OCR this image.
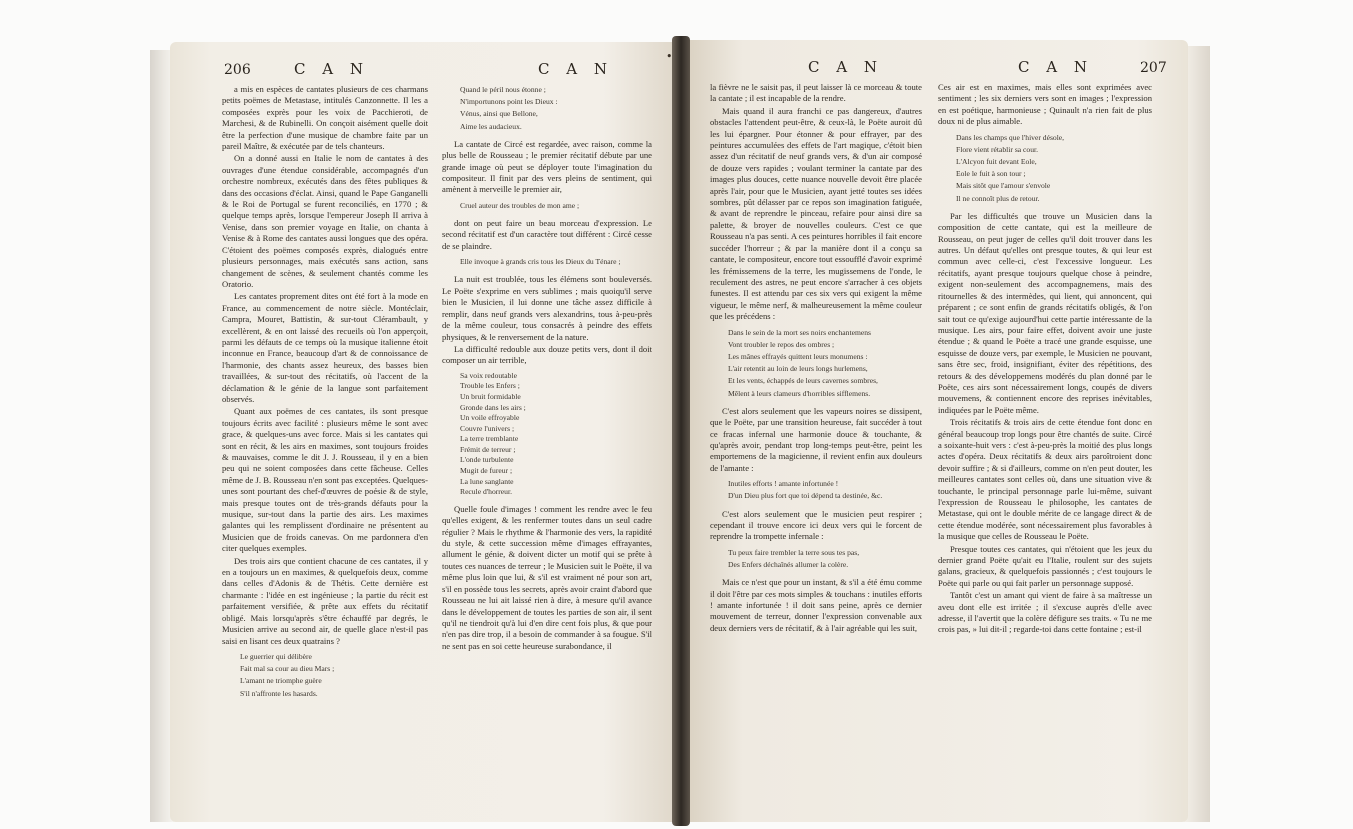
•
206	C A N	C A N

a mis en espèces de cantates plusieurs de ces charmans petits poëmes de Metastase, intitulés Canzonnette. Il les a composées exprès pour les voix de Pacchieroti, de Marchesi, & de Rubinelli. On conçoit aisément quelle doit être la perfection d'une musique de chambre faite par un pareil Maître, & exécutée par de tels chanteurs.

On a donné aussi en Italie le nom de cantates à des ouvrages d'une étendue considérable, accompagnés d'un orchestre nombreux, exécutés dans des fêtes publiques & dans des occasions d'éclat. Ainsi, quand le Pape Ganganelli & le Roi de Portugal se furent reconciliés, en 1770 ; & quelque temps après, lorsque l'empereur Joseph II arriva à Venise, dans son premier voyage en Italie, on chanta à Venise & à Rome des cantates aussi longues que des opéra. C'étoient des poëmes composés exprès, dialogués entre plusieurs personnages, mais exécutés sans action, sans changement de scènes, & seulement chantés comme les Oratorio.

Les cantates proprement dites ont été fort à la mode en France, au commencement de notre siècle. Montéclair, Campra, Mouret, Battistin, & sur-tout Clérambault, y excellèrent, & en ont laissé des recueils où l'on apperçoit, parmi les défauts de ce temps où la musique italienne étoit inconnue en France, beaucoup d'art & de connoissance de l'harmonie, des chants assez heureux, des basses bien travaillées, & sur-tout des récitatifs, où l'accent de la déclamation & le génie de la langue sont parfaitement observés.

Quant aux poëmes de ces cantates, ils sont presque toujours écrits avec facilité : plusieurs même le sont avec grace, & quelques-uns avec force. Mais si les cantates qui sont en récit, & les airs en maximes, sont toujours froides & mauvaises, comme le dit J. J. Rousseau, il y en a bien peu qui ne soient composées dans cette fâcheuse. Celles même de J. B. Rousseau n'en sont pas exceptées. Quelques-unes sont pourtant des chef-d'œuvres de poésie & de style, mais presque toutes ont de très-grands défauts pour la musique, sur-tout dans la partie des airs. Les maximes galantes qui les remplissent d'ordinaire ne présentent au Musicien que de froids canevas. On me pardonnera d'en citer quelques exemples.

Des trois airs que contient chacune de ces cantates, il y en a toujours un en maximes, & quelquefois deux, comme dans celles d'Adonis & de Thétis. Cette dernière est charmante : l'idée en est ingénieuse ; la partie du récit est parfaitement versifiée, & prête aux effets du récitatif obligé. Mais lorsqu'après s'être échauffé par degrés, le Musicien arrive au second air, de quelle glace n'est-il pas saisi en lisant ces deux quatrains ?

Le guerrier qui délibère
Fait mal sa cour au dieu Mars ;
L'amant ne triomphe guère
S'il n'affronte les hasards.
Quand le péril nous étonne ;
N'importunons point les Dieux :
Vénus, ainsi que Bellone,
Aime les audacieux.

La cantate de Circé est regardée, avec raison, comme la plus belle de Rousseau ; le premier récitatif débute par une grande image où peut se déployer toute l'imagination du compositeur. Il finit par des vers pleins de sentiment, qui amènent à merveille le premier air,

Cruel auteur des troubles de mon ame ;

dont on peut faire un beau morceau d'expression. Le second récitatif est d'un caractère tout différent : Circé cesse de se plaindre.

Elle invoque à grands cris tous les Dieux du Ténare ;

La nuit est troublée, tous les élémens sont bouleversés. Le Poëte s'exprime en vers sublimes ; mais quoiqu'il serve bien le Musicien, il lui donne une tâche assez difficile à remplir, dans neuf grands vers alexandrins, tous à-peu-près de la même couleur, tous consacrés à peindre des effets physiques, & le renversement de la nature.

La difficulté redouble aux douze petits vers, dont il doit composer un air terrible,

Sa voix redoutable
Trouble les Enfers ;
Un bruit formidable
Gronde dans les airs ;
Un voile effroyable
Couvre l'univers ;
La terre tremblante
Frémit de terreur ;
L'onde turbulente
Mugit de fureur ;
La lune sanglante
Recule d'horreur.

Quelle foule d'images ! comment les rendre avec le feu qu'elles exigent, & les renfermer toutes dans un seul cadre régulier ? Mais le rhythme & l'harmonie des vers, la rapidité du style, & cette succession même d'images effrayantes, allument le génie, & doivent dicter un motif qui se prête à toutes ces nuances de terreur ; le Musicien suit le Poëte, il va même plus loin que lui, & s'il est vraiment né pour son art, s'il en possède tous les secrets, après avoir craint d'abord que Rousseau ne lui ait laissé rien à dire, à mesure qu'il avance dans le développement de toutes les parties de son air, il sent qu'il ne tiendroit qu'à lui d'en dire cent fois plus, & que pour n'en pas dire trop, il a besoin de commander à sa fougue. S'il ne sent pas en soi cette heureuse surabondance, il

C A N	C A N	207

la fièvre ne le saisit pas, il peut laisser là ce morceau & toute la cantate ; il est incapable de la rendre.

Mais quand il aura franchi ce pas dangereux, d'autres obstacles l'attendent peut-être, & ceux-là, le Poëte auroit dû les lui épargner. Pour étonner & pour effrayer, par des peintures accumulées des effets de l'art magique, c'étoit bien assez d'un récitatif de neuf grands vers, & d'un air composé de douze vers rapides ; voulant terminer la cantate par des images plus douces, cette nuance nouvelle devoit être placée après l'air, pour que le Musicien, ayant jetté toutes ses idées sombres, pût délasser par ce repos son imagination fatiguée, & avant de reprendre le pinceau, refaire pour ainsi dire sa palette, & broyer de nouvelles couleurs. C'est ce que Rousseau n'a pas senti. A ces peintures horribles il fait encore succéder l'horreur ; & par la manière dont il a conçu sa cantate, le compositeur, encore tout essoufflé d'avoir exprimé les frémissemens de la terre, les mugissemens de l'onde, le reculement des astres, ne peut encore s'arracher à ces objets funestes. Il est attendu par ces six vers qui exigent la même vigueur, le même nerf, & malheureusement la même couleur que les précédens :

Dans le sein de la mort ses noirs enchantemens
Vont troubler le repos des ombres ;
Les mânes effrayés quittent leurs monumens :
L'air retentit au loin de leurs longs hurlemens,
Et les vents, échappés de leurs cavernes sombres,
Mêlent à leurs clameurs d'horribles sifflemens.

C'est alors seulement que les vapeurs noires se dissipent, que le Poëte, par une transition heureuse, fait succéder à tout ce fracas infernal une harmonie douce & touchante, & qu'après avoir, pendant trop long-temps peut-être, peint les emportemens de la magicienne, il revient enfin aux douleurs de l'amante :

Inutiles efforts ! amante infortunée !
D'un Dieu plus fort que toi dépend ta destinée, &c.

C'est alors seulement que le musicien peut respirer ; cependant il trouve encore ici deux vers qui le forcent de reprendre la trompette infernale :

Tu peux faire trembler la terre sous tes pas,
Des Enfers déchaînés allumer la colère.

Mais ce n'est que pour un instant, & s'il a été ému comme il doit l'être par ces mots simples & touchans : inutiles efforts ! amante infortunée ! il doit sans peine, après ce dernier mouvement de terreur, donner l'expression convenable aux deux derniers vers de récitatif, & à l'air agréable qui les suit,

Ces air est en maximes, mais elles sont exprimées avec sentiment ; les six derniers vers sont en images ; l'expression en est poétique, harmonieuse ; Quinault n'a rien fait de plus doux ni de plus aimable.

Dans les champs que l'hiver désole,
Flore vient rétablir sa cour.
L'Alcyon fuit devant Eole,
Eole le fuit à son tour ;
Mais sitôt que l'amour s'envole
Il ne connoît plus de retour.

Par les difficultés que trouve un Musicien dans la composition de cette cantate, qui est la meilleure de Rousseau, on peut juger de celles qu'il doit trouver dans les autres. Un défaut qu'elles ont presque toutes, & qui leur est commun avec celle-ci, c'est l'excessive longueur. Les récitatifs, ayant presque toujours quelque chose à peindre, exigent non-seulement des accompagnemens, mais des ritournelles & des intermèdes, qui lient, qui annoncent, qui préparent ; ce sont enfin de grands récitatifs obligés, & l'on sait tout ce qu'exige aujourd'hui cette partie intéressante de la musique. Les airs, pour faire effet, doivent avoir une juste étendue ; & quand le Poëte a tracé une grande esquisse, une esquisse de douze vers, par exemple, le Musicien ne pouvant, sans être sec, froid, insignifiant, éviter des répétitions, des retours & des développemens modérés du plan donné par le Poëte, ces airs sont nécessairement longs, coupés de divers mouvemens, & contiennent encore des reprises inévitables, indiquées par le Poëte même.

Trois récitatifs & trois airs de cette étendue font donc en général beaucoup trop longs pour être chantés de suite. Circé a soixante-huit vers : c'est à-peu-près la moitié des plus longs actes d'opéra. Deux récitatifs & deux airs paroîtroient donc devoir suffire ; & si d'ailleurs, comme on n'en peut douter, les meilleures cantates sont celles où, dans une situation vive & touchante, le principal personnage parle lui-même, suivant l'expression de Rousseau le philosophe, les cantates de Metastase, qui ont le double mérite de ce langage direct & de cette étendue modérée, sont nécessairement plus favorables à la musique que celles de Rousseau le Poëte.

Presque toutes ces cantates, qui n'étoient que les jeux du dernier grand Poëte qu'ait eu l'Italie, roulent sur des sujets galans, gracieux, & quelquefois passionnés ; c'est toujours le Poëte qui parle ou qui fait parler un personnage supposé.

Tantôt c'est un amant qui vient de faire à sa maîtresse un aveu dont elle est irritée ; il s'excuse auprès d'elle avec adresse, il l'avertit que la colère défigure ses traits. « Tu ne me crois pas, » lui dit-il ; regarde-toi dans cette fontaine ; est-il
